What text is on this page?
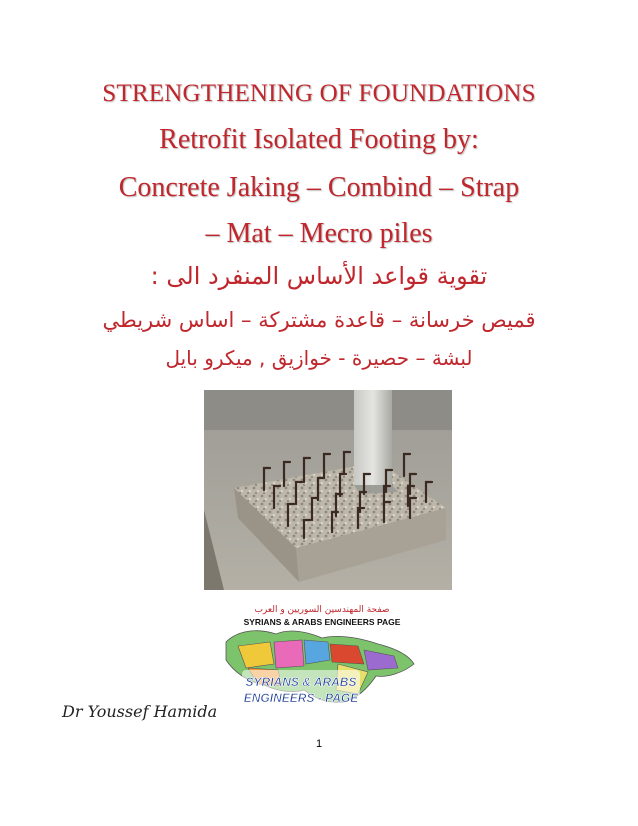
STRENGTHENING OF FOUNDATIONS
Retrofit Isolated Footing by:
Concrete Jaking – Combind – Strap
– Mat – Mecro piles
تقوية قواعد الأساس المنفرد الى :
قميص خرسانة – قاعدة مشتركة – اساس شريطي
لبشة – حصيرة - خوازيق , ميكرو بايل
صفحة المهندسين السوريين و العرب
SYRIANS & ARABS ENGINEERS PAGE
SYRIANS & ARABS
ENGINEERS - PAGE
Dr Youssef Hamida
1
